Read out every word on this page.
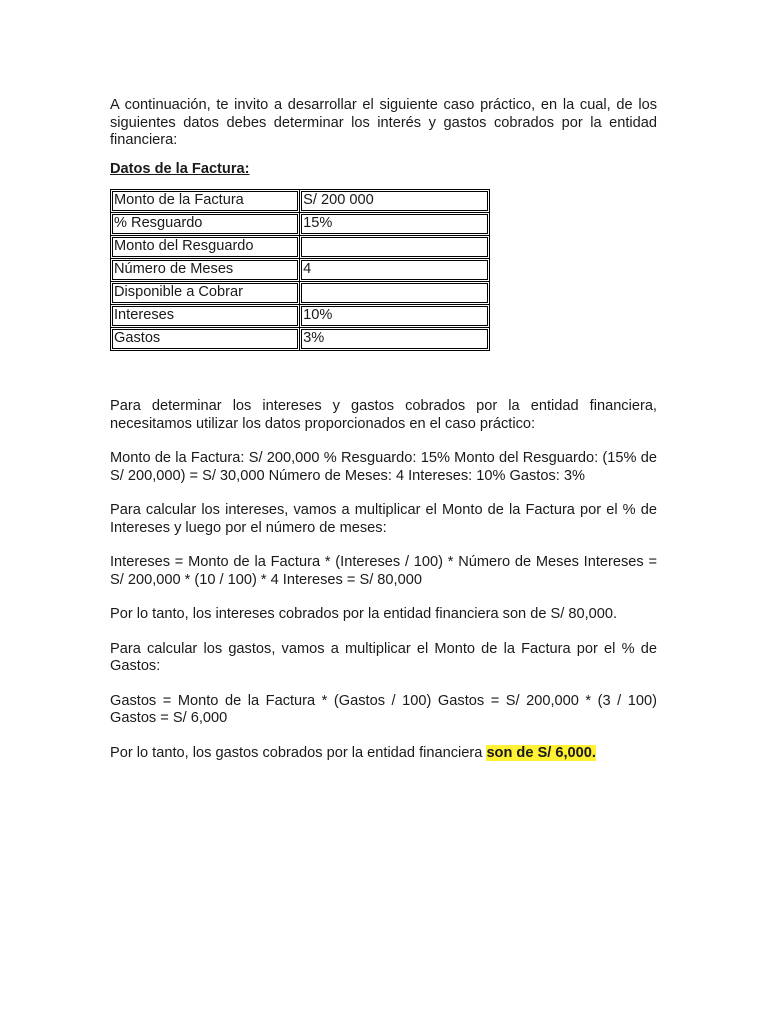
A continuación, te invito a desarrollar el siguiente caso práctico, en la cual, de los siguientes datos debes determinar los interés y gastos cobrados por la entidad financiera:

Datos de la Factura:

Monto de la Factura	S/ 200 000
% Resguardo	15%
Monto del Resguardo	
Número de Meses	4
Disponible a Cobrar	
Intereses	10%
Gastos	3%

Para determinar los intereses y gastos cobrados por la entidad financiera, necesitamos utilizar los datos proporcionados en el caso práctico:

Monto de la Factura: S/ 200,000 % Resguardo: 15% Monto del Resguardo: (15% de S/ 200,000) = S/ 30,000 Número de Meses: 4 Intereses: 10% Gastos: 3%

Para calcular los intereses, vamos a multiplicar el Monto de la Factura por el % de Intereses y luego por el número de meses:

Intereses = Monto de la Factura * (Intereses / 100) * Número de Meses Intereses = S/ 200,000 * (10 / 100) * 4 Intereses = S/ 80,000

Por lo tanto, los intereses cobrados por la entidad financiera son de S/ 80,000.

Para calcular los gastos, vamos a multiplicar el Monto de la Factura por el % de Gastos:

Gastos = Monto de la Factura * (Gastos / 100) Gastos = S/ 200,000 * (3 / 100) Gastos = S/ 6,000

Por lo tanto, los gastos cobrados por la entidad financiera son de S/ 6,000.
